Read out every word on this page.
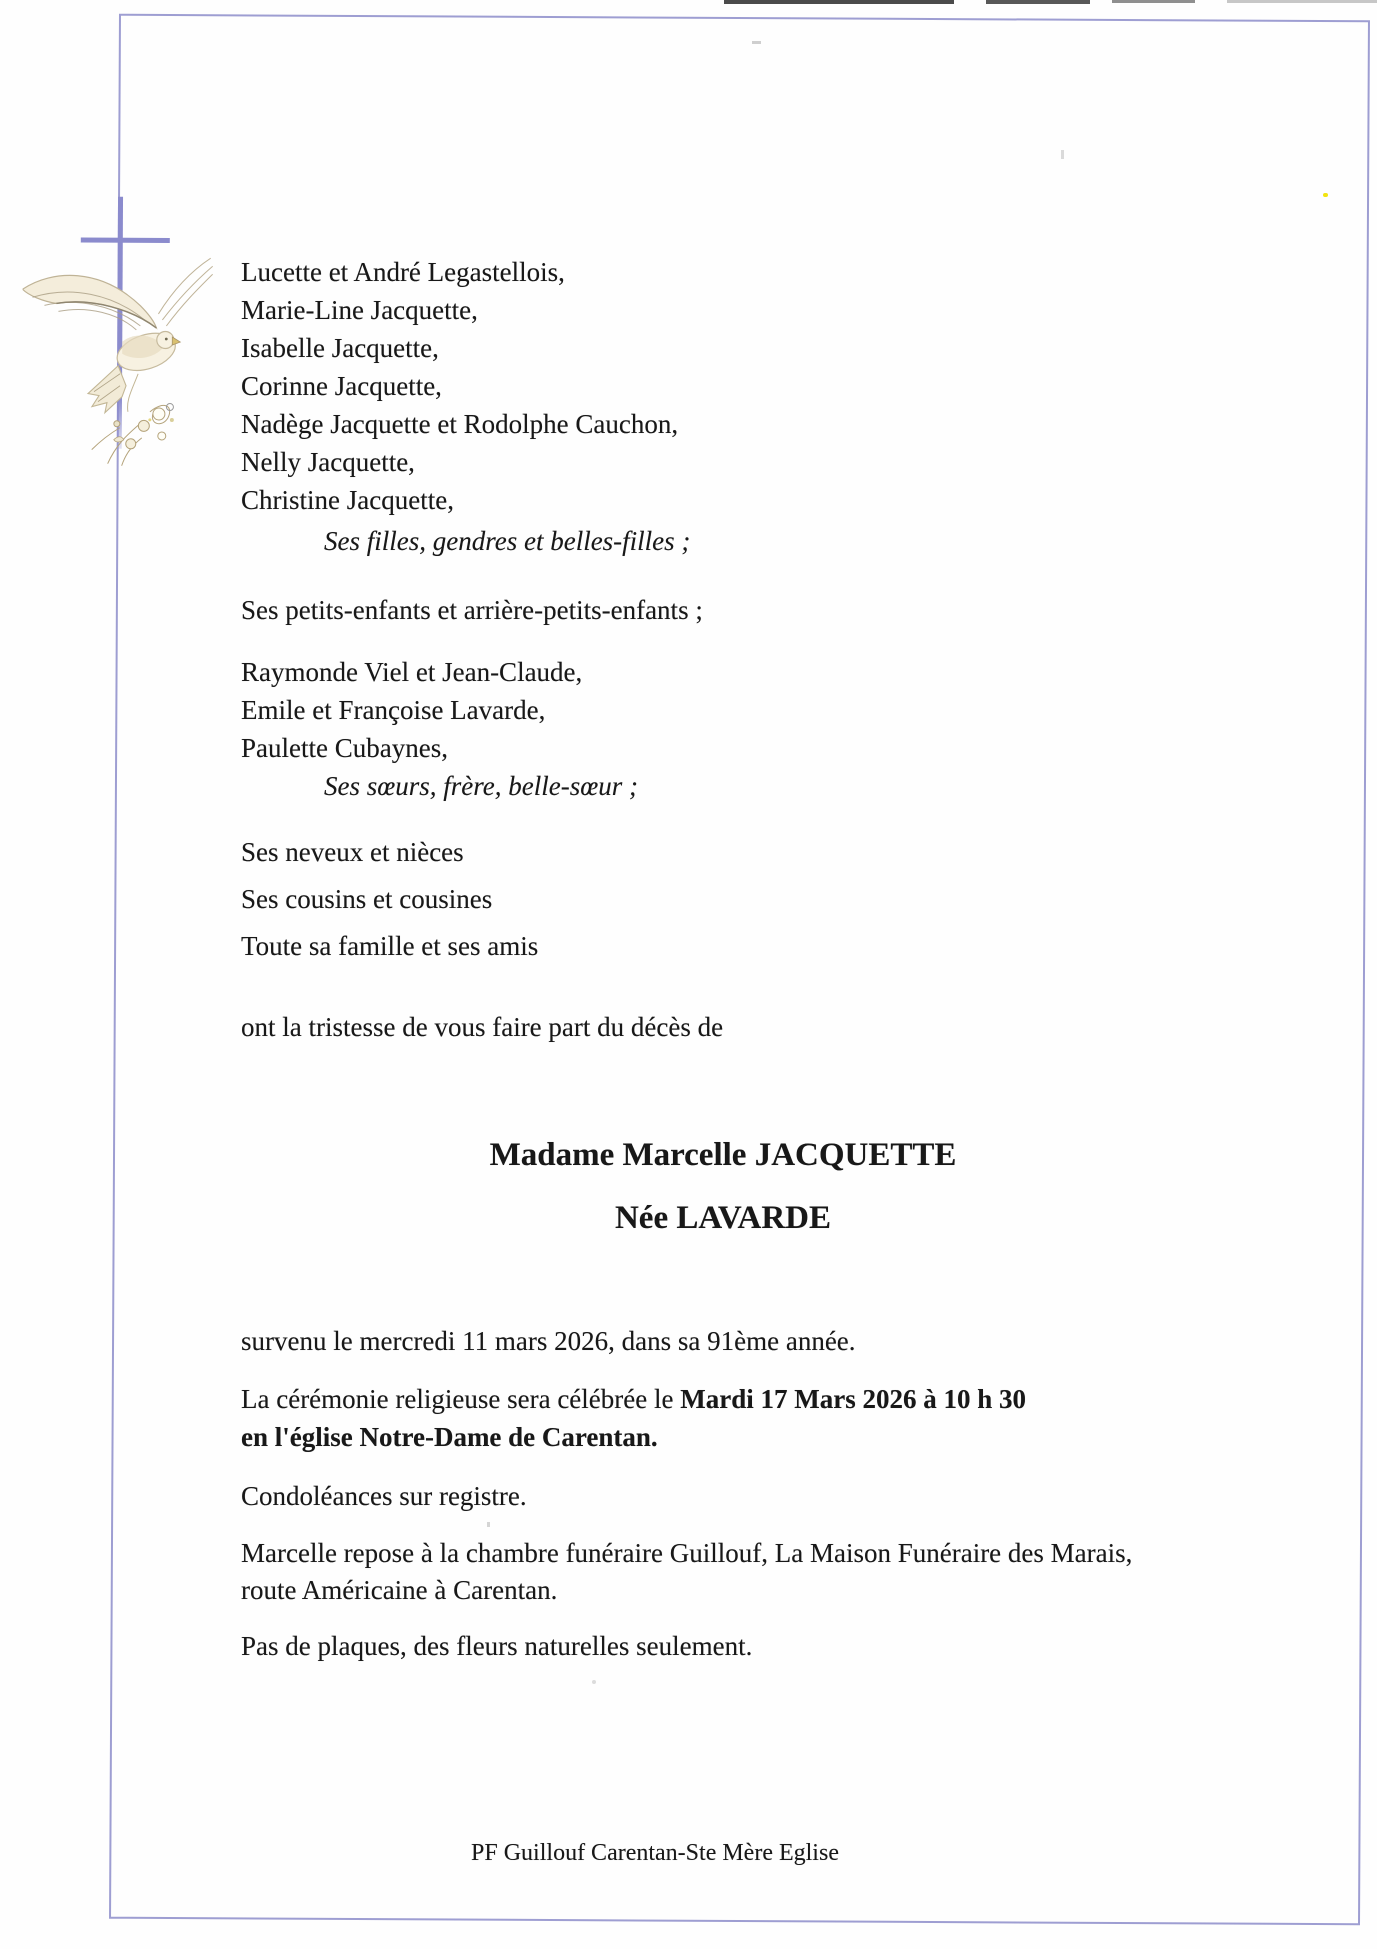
Lucette et André Legastellois,
Marie-Line Jacquette,
Isabelle Jacquette,
Corinne Jacquette,
Nadège Jacquette et Rodolphe Cauchon,
Nelly Jacquette,
Christine Jacquette,
Ses filles, gendres et belles-filles ;
Ses petits-enfants et arrière-petits-enfants ;
Raymonde Viel et Jean-Claude,
Emile et Françoise Lavarde,
Paulette Cubaynes,
Ses sœurs, frère, belle-sœur ;
Ses neveux et nièces
Ses cousins et cousines
Toute sa famille et ses amis
ont la tristesse de vous faire part du décès de
Madame Marcelle JACQUETTE
Née LAVARDE
survenu le mercredi 11 mars 2026, dans sa 91ème année.
La cérémonie religieuse sera célébrée le Mardi 17 Mars 2026 à 10 h 30
en l'église Notre-Dame de Carentan.
Condoléances sur registre.
Marcelle repose à la chambre funéraire Guillouf, La Maison Funéraire des Marais,
route Américaine à Carentan.
Pas de plaques, des fleurs naturelles seulement.
PF Guillouf Carentan-Ste Mère Eglise
